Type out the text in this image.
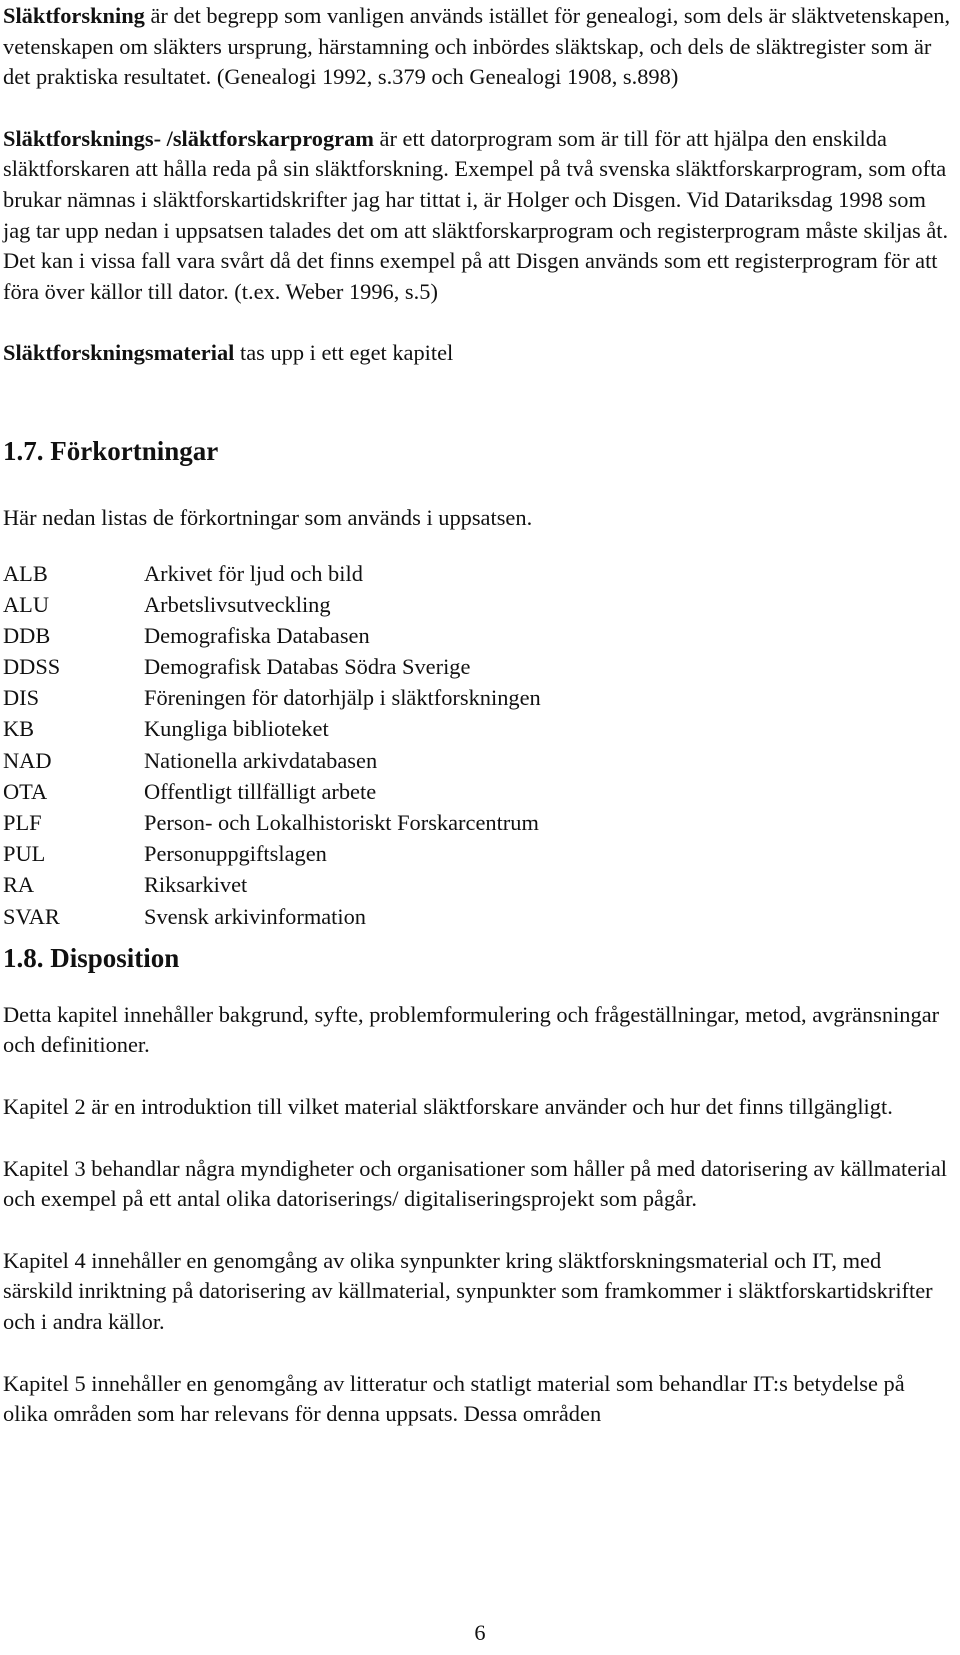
Släktforskning är det begrepp som vanligen används istället för genealogi, som dels är släktvetenskapen, vetenskapen om släkters ursprung, härstamning och inbördes släktskap, och dels de släktregister som är det praktiska resultatet. (Genealogi 1992, s.379 och Genealogi 1908, s.898)

Släktforsknings- /släktforskarprogram är ett datorprogram som är till för att hjälpa den enskilda släktforskaren att hålla reda på sin släktforskning. Exempel på två svenska släktforskarprogram, som ofta brukar nämnas i släktforskartidskrifter jag har tittat i, är Holger och Disgen. Vid Datariksdag 1998 som jag tar upp nedan i uppsatsen talades det om att släktforskarprogram och registerprogram måste skiljas åt. Det kan i vissa fall vara svårt då det finns exempel på att Disgen används som ett registerprogram för att föra över källor till dator. (t.ex. Weber 1996, s.5)

Släktforskningsmaterial tas upp i ett eget kapitel

1.7. Förkortningar

Här nedan listas de förkortningar som används i uppsatsen.

ALB	Arkivet för ljud och bild
ALU	Arbetslivsutveckling
DDB	Demografiska Databasen
DDSS	Demografisk Databas Södra Sverige
DIS	Föreningen för datorhjälp i släktforskningen
KB	Kungliga biblioteket
NAD	Nationella arkivdatabasen
OTA	Offentligt tillfälligt arbete
PLF	Person- och Lokalhistoriskt Forskarcentrum
PUL	Personuppgiftslagen
RA	Riksarkivet
SVAR	Svensk arkivinformation
1.8. Disposition

Detta kapitel innehåller bakgrund, syfte, problemformulering och frågeställningar, metod, avgränsningar och definitioner.

Kapitel 2 är en introduktion till vilket material släktforskare använder och hur det finns tillgängligt.

Kapitel 3 behandlar några myndigheter och organisationer som håller på med datorisering av källmaterial och exempel på ett antal olika datoriserings/ digitaliseringsprojekt som pågår.

Kapitel 4 innehåller en genomgång av olika synpunkter kring släktforskningsmaterial och IT, med särskild inriktning på datorisering av källmaterial, synpunkter som framkommer i släktforskartidskrifter och i andra källor.

Kapitel 5 innehåller en genomgång av litteratur och statligt material som behandlar IT:s betydelse på olika områden som har relevans för denna uppsats. Dessa områden

6
